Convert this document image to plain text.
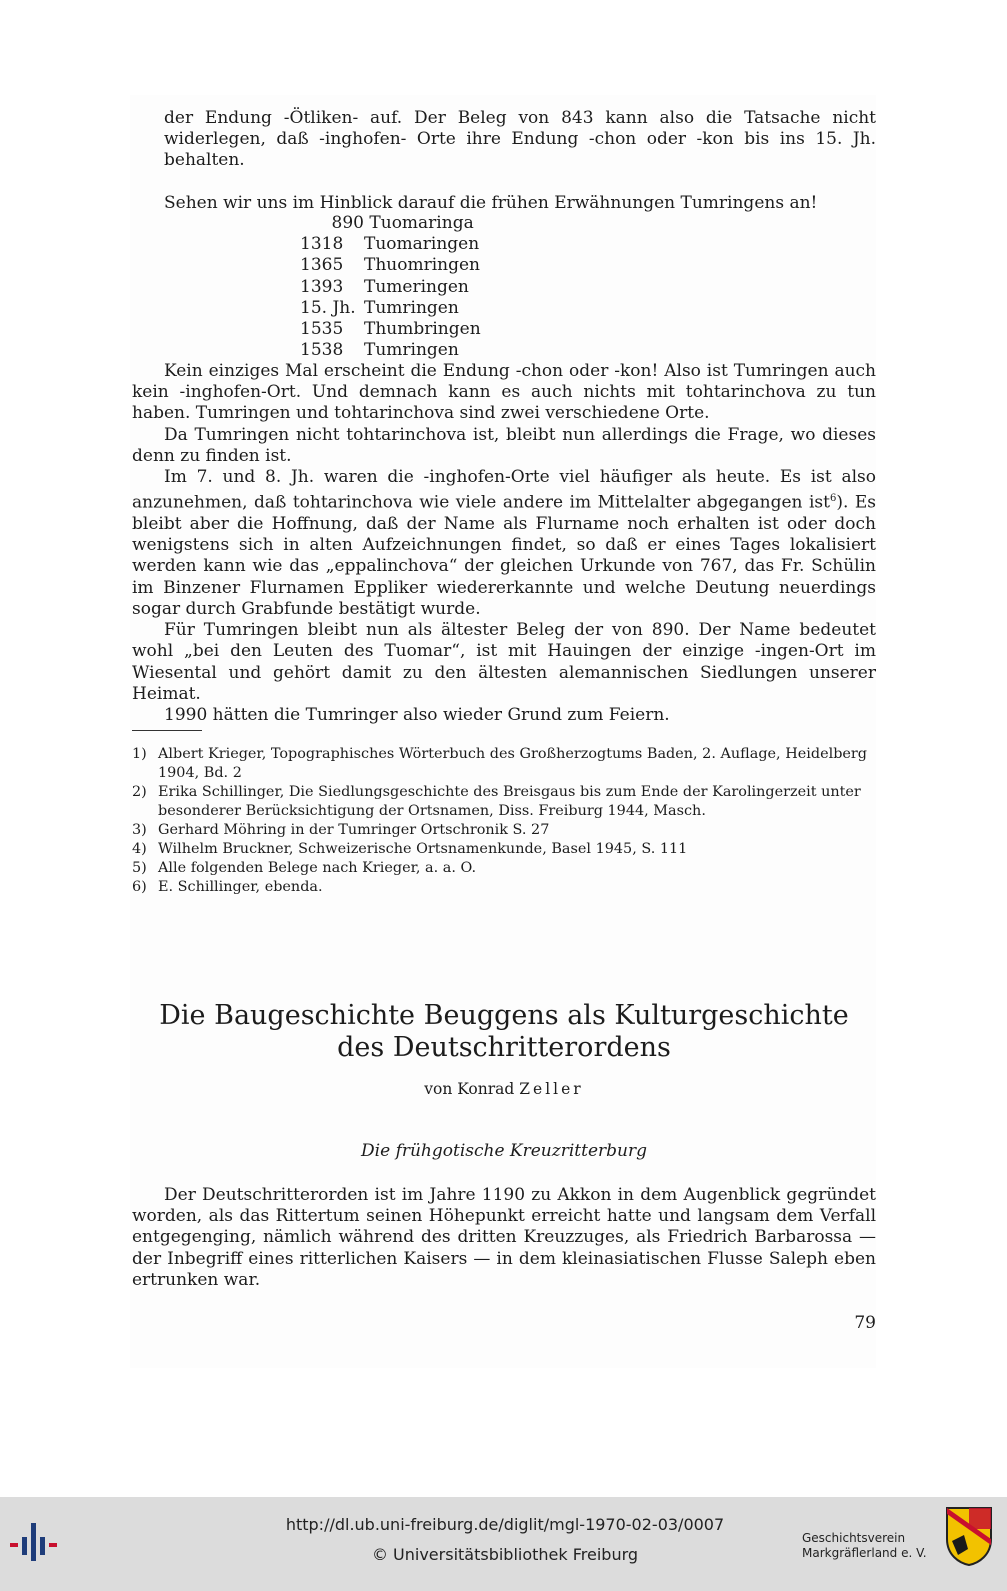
der Endung -Ötliken- auf. Der Beleg von 843 kann also die Tatsache nicht widerlegen, daß -inghofen- Orte ihre Endung -chon oder -kon bis ins 15. Jh. behalten.

Sehen wir uns im Hinblick darauf die frühen Erwähnungen Tumringens an!

890 Tuomaringa
1318 Tuomaringen
1365 Thuomringen
1393 Tumeringen
15. Jh. Tumringen
1535 Thumbringen
1538 Tumringen

Kein einziges Mal erscheint die Endung -chon oder -kon! Also ist Tumringen auch kein -inghofen-Ort. Und demnach kann es auch nichts mit tohtarinchova zu tun haben. Tumringen und tohtarinchova sind zwei verschiedene Orte.

Da Tumringen nicht tohtarinchova ist, bleibt nun allerdings die Frage, wo dieses denn zu finden ist.

Im 7. und 8. Jh. waren die -inghofen-Orte viel häufiger als heute. Es ist also anzunehmen, daß tohtarinchova wie viele andere im Mittelalter abgegangen ist$^6$). Es bleibt aber die Hoffnung, daß der Name als Flurname noch erhalten ist oder doch wenigstens sich in alten Aufzeichnungen findet, so daß er eines Tages lokalisiert werden kann wie das „eppalinchova“ der gleichen Urkunde von 767, das Fr. Schülin im Binzener Flurnamen Eppliker wiedererkannte und welche Deutung neuerdings sogar durch Grabfunde bestätigt wurde.

Für Tumringen bleibt nun als ältester Beleg der von 890. Der Name bedeutet wohl „bei den Leuten des Tuomar“, ist mit Hauingen der einzige -ingen-Ort im Wiesental und gehört damit zu den ältesten alemannischen Siedlungen unserer Heimat.

1990 hätten die Tumringer also wieder Grund zum Feiern.

1) Albert Krieger, Topographisches Wörterbuch des Großherzogtums Baden, 2. Auflage, Heidelberg 1904, Bd. 2
2) Erika Schillinger, Die Siedlungsgeschichte des Breisgaus bis zum Ende der Karolingerzeit unter besonderer Berücksichtigung der Ortsnamen, Diss. Freiburg 1944, Masch.
3) Gerhard Möhring in der Tumringer Ortschronik S. 27
4) Wilhelm Bruckner, Schweizerische Ortsnamenkunde, Basel 1945, S. 111
5) Alle folgenden Belege nach Krieger, a. a. O.
6) E. Schillinger, ebenda.
Die Baugeschichte Beuggens als Kulturgeschichte
des Deutschritterordens
von Konrad Zeller
Die frühgotische Kreuzritterburg

Der Deutschritterorden ist im Jahre 1190 zu Akkon in dem Augenblick gegründet worden, als das Rittertum seinen Höhepunkt erreicht hatte und langsam dem Verfall entgegenging, nämlich während des dritten Kreuzzuges, als Friedrich Barbarossa — der Inbegriff eines ritterlichen Kaisers — in dem kleinasiatischen Flusse Saleph eben ertrunken war.

79
http://dl.ub.uni-freiburg.de/diglit/mgl-1970-02-03/0007
© Universitätsbibliothek Freiburg
Geschichtsverein
Markgräflerland e. V.
